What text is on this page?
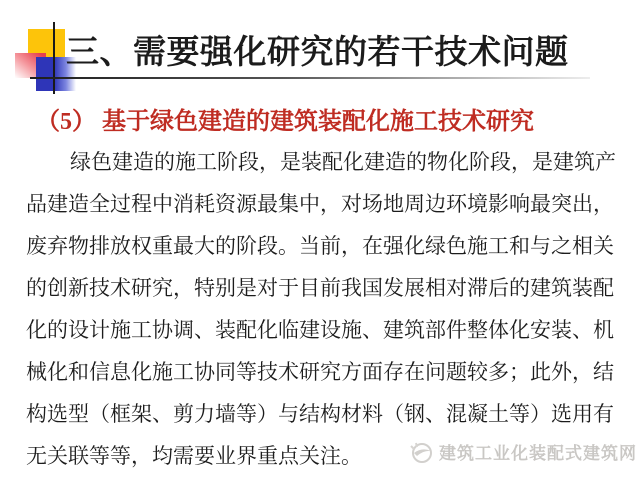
三、需要强化研究的若干技术问题
（5） 基于绿色建造的建筑装配化施工技术研究
绿色建造的施工阶段，是装配化建造的物化阶段，是建筑产
品建造全过程中消耗资源最集中，对场地周边环境影响最突出，
废弃物排放权重最大的阶段。当前，在强化绿色施工和与之相关
的创新技术研究，特别是对于目前我国发展相对滞后的建筑装配
化的设计施工协调、装配化临建设施、建筑部件整体化安装、机
械化和信息化施工协同等技术研究方面存在问题较多；此外，结
构选型（框架、剪力墙等）与结构材料（钢、混凝土等）选用有
无关联等等，均需要业界重点关注。	建筑工业化装配式建筑网
